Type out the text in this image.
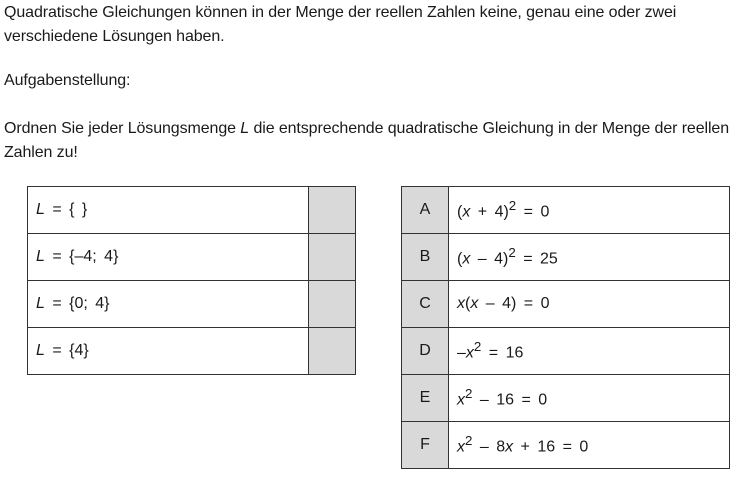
Quadratische Gleichungen können in der Menge der reellen Zahlen keine, genau eine oder zwei verschiedene Lösungen haben.

Aufgabenstellung:

Ordnen Sie jeder Lösungsmenge L die entsprechende quadratische Gleichung in der Menge der reellen Zahlen zu!

L = { }	
L = {–4; 4}	
L = {0; 4}	
L = {4}	
A	$(x + 4)^2 = 0$
B	(x – 4)$^2$ = 25
C	x(x – 4) = 0
D	$-x^2 = 16$
E	$x^2 - 16 = 0$
F	$x^2 - 8x + 16 = 0$
